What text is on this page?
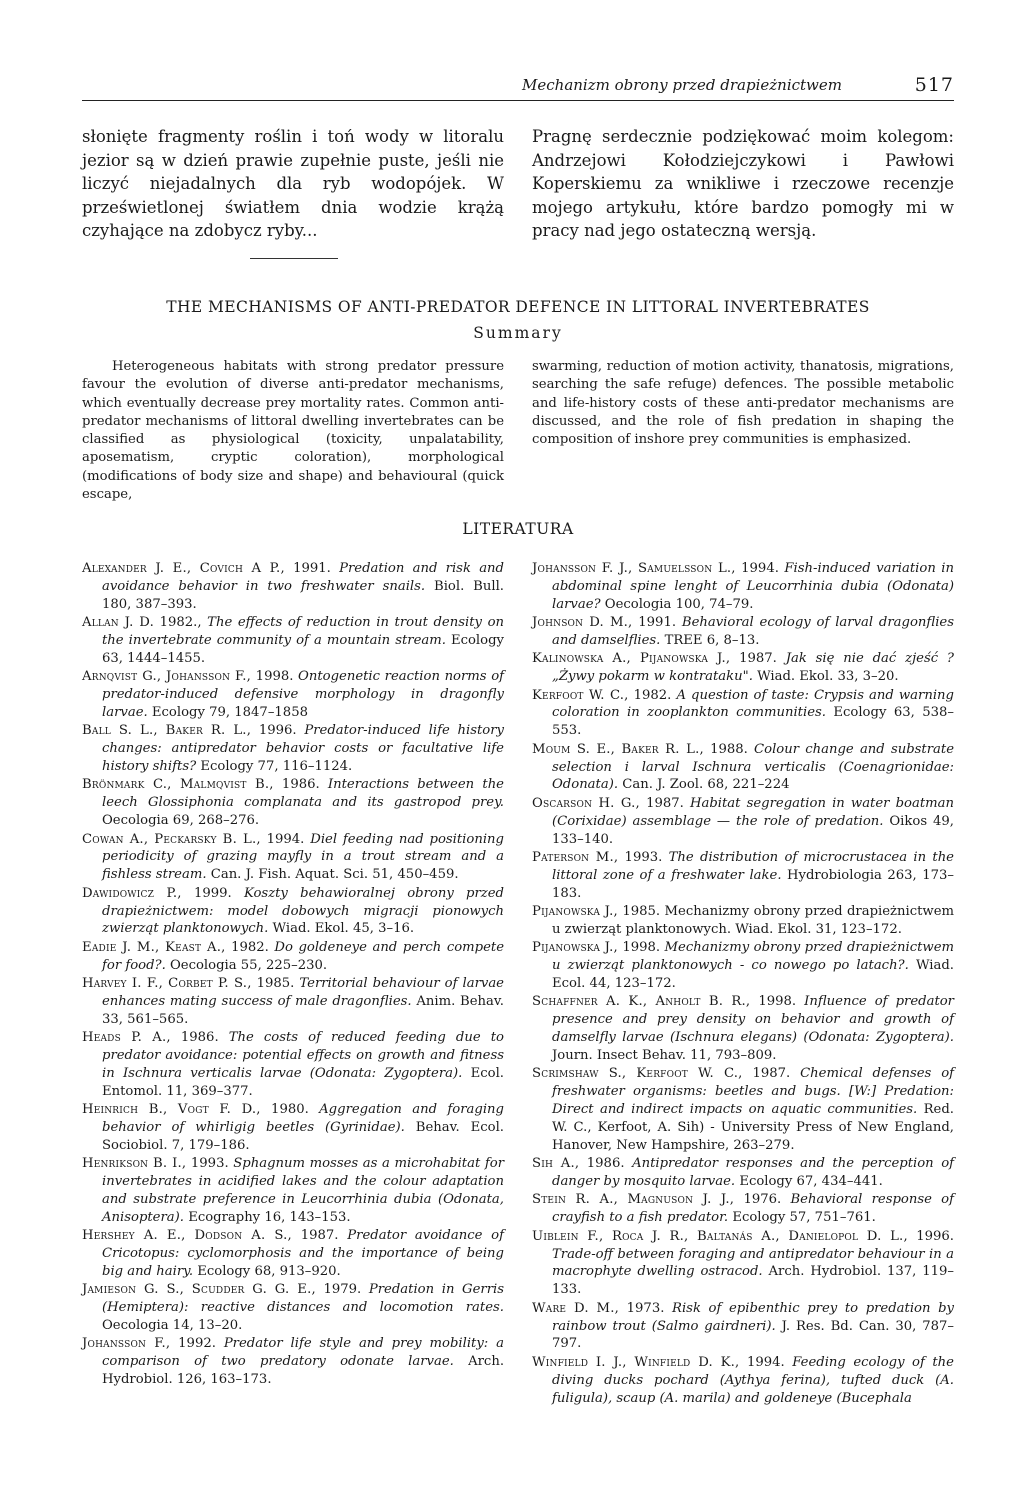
Mechanizm obrony przed drapieżnictwem	517

słonięte fragmenty roślin i toń wody w litoralu jezior są w dzień prawie zupełnie puste, jeśli nie liczyć niejadalnych dla ryb wodopójek. W prześwietlonej światłem dnia wodzie krążą czyhające na zdobycz ryby...

Pragnę serdecznie podziękować moim kolegom: Andrzejowi Kołodziejczykowi i Pawłowi Koperskiemu za wnikliwe i rzeczowe recenzje mojego artykułu, które bardzo pomogły mi w pracy nad jego ostateczną wersją.

THE MECHANISMS OF ANTI-PREDATOR DEFENCE IN LITTORAL INVERTEBRATES
Summary

Heterogeneous habitats with strong predator pressure favour the evolution of diverse anti-predator mechanisms, which eventually decrease prey mortality rates. Common anti-predator mechanisms of littoral dwelling invertebrates can be classified as physiological (toxicity, unpalatability, aposematism, cryptic coloration), morphological (modifications of body size and shape) and behavioural (quick escape,

swarming, reduction of motion activity, thanatosis, migrations, searching the safe refuge) defences. The possible metabolic and life-history costs of these anti-predator mechanisms are discussed, and the role of fish predation in shaping the composition of inshore prey communities is emphasized.

LITERATURA
Alexander J. E., Covich A P., 1991. Predation and risk and avoidance behavior in two freshwater snails. Biol. Bull. 180, 387–393.
Allan J. D. 1982., The effects of reduction in trout density on the invertebrate community of a mountain stream. Ecology 63, 1444–1455.
Arnqvist G., Johansson F., 1998. Ontogenetic reaction norms of predator-induced defensive morphology in dragonfly larvae. Ecology 79, 1847–1858
Ball S. L., Baker R. L., 1996. Predator-induced life history changes: antipredator behavior costs or facultative life history shifts? Ecology 77, 116–1124.
Brönmark C., Malmqvist B., 1986. Interactions between the leech Glossiphonia complanata and its gastropod prey. Oecologia 69, 268–276.
Cowan A., Peckarsky B. L., 1994. Diel feeding nad positioning periodicity of grazing mayfly in a trout stream and a fishless stream. Can. J. Fish. Aquat. Sci. 51, 450–459.
Dawidowicz P., 1999. Koszty behawioralnej obrony przed drapieżnictwem: model dobowych migracji pionowych zwierząt planktonowych. Wiad. Ekol. 45, 3–16.
Eadie J. M., Keast A., 1982. Do goldeneye and perch compete for food?. Oecologia 55, 225–230.
Harvey I. F., Corbet P. S., 1985. Territorial behaviour of larvae enhances mating success of male dragonflies. Anim. Behav. 33, 561–565.
Heads P. A., 1986. The costs of reduced feeding due to predator avoidance: potential effects on growth and fitness in Ischnura verticalis larvae (Odonata: Zygoptera). Ecol. Entomol. 11, 369–377.
Heinrich B., Vogt F. D., 1980. Aggregation and foraging behavior of whirligig beetles (Gyrinidae). Behav. Ecol. Sociobiol. 7, 179–186.
Henrikson B. I., 1993. Sphagnum mosses as a microhabitat for invertebrates in acidified lakes and the colour adaptation and substrate preference in Leucorrhinia dubia (Odonata, Anisoptera). Ecography 16, 143–153.
Hershey A. E., Dodson A. S., 1987. Predator avoidance of Cricotopus: cyclomorphosis and the importance of being big and hairy. Ecology 68, 913–920.
Jamieson G. S., Scudder G. G. E., 1979. Predation in Gerris (Hemiptera): reactive distances and locomotion rates. Oecologia 14, 13–20.
Johansson F., 1992. Predator life style and prey mobility: a comparison of two predatory odonate larvae. Arch. Hydrobiol. 126, 163–173.
Johansson F. J., Samuelsson L., 1994. Fish-induced variation in abdominal spine lenght of Leucorrhinia dubia (Odonata) larvae? Oecologia 100, 74–79.
Johnson D. M., 1991. Behavioral ecology of larval dragonflies and damselflies. TREE 6, 8–13.
Kalinowska A., Pijanowska J., 1987. Jak się nie dać zjeść ? „Żywy pokarm w kontrataku". Wiad. Ekol. 33, 3–20.
Kerfoot W. C., 1982. A question of taste: Crypsis and warning coloration in zooplankton communities. Ecology 63, 538–553.
Moum S. E., Baker R. L., 1988. Colour change and substrate selection i larval Ischnura verticalis (Coenagrionidae: Odonata). Can. J. Zool. 68, 221–224
Oscarson H. G., 1987. Habitat segregation in water boatman (Corixidae) assemblage — the role of predation. Oikos 49, 133–140.
Paterson M., 1993. The distribution of microcrustacea in the littoral zone of a freshwater lake. Hydrobiologia 263, 173–183.
Pijanowska J., 1985. Mechanizmy obrony przed drapieżnictwem u zwierząt planktonowych. Wiad. Ekol. 31, 123–172.
Pijanowska J., 1998. Mechanizmy obrony przed drapieżnictwem u zwierząt planktonowych - co nowego po latach?. Wiad. Ecol. 44, 123–172.
Schaffner A. K., Anholt B. R., 1998. Influence of predator presence and prey density on behavior and growth of damselfly larvae (Ischnura elegans) (Odonata: Zygoptera). Journ. Insect Behav. 11, 793–809.
Scrimshaw S., Kerfoot W. C., 1987. Chemical defenses of freshwater organisms: beetles and bugs. [W:] Predation: Direct and indirect impacts on aquatic communities. Red. W. C., Kerfoot, A. Sih) - University Press of New England, Hanover, New Hampshire, 263–279.
Sih A., 1986. Antipredator responses and the perception of danger by mosquito larvae. Ecology 67, 434–441.
Stein R. A., Magnuson J. J., 1976. Behavioral response of crayfish to a fish predator. Ecology 57, 751–761.
Uiblein F., Roca J. R., Baltanás A., Danielopol D. L., 1996. Trade-off between foraging and antipredator behaviour in a macrophyte dwelling ostracod. Arch. Hydrobiol. 137, 119–133.
Ware D. M., 1973. Risk of epibenthic prey to predation by rainbow trout (Salmo gairdneri). J. Res. Bd. Can. 30, 787–797.
Winfield I. J., Winfield D. K., 1994. Feeding ecology of the diving ducks pochard (Aythya ferina), tufted duck (A. fuligula), scaup (A. marila) and goldeneye (Bucephala
